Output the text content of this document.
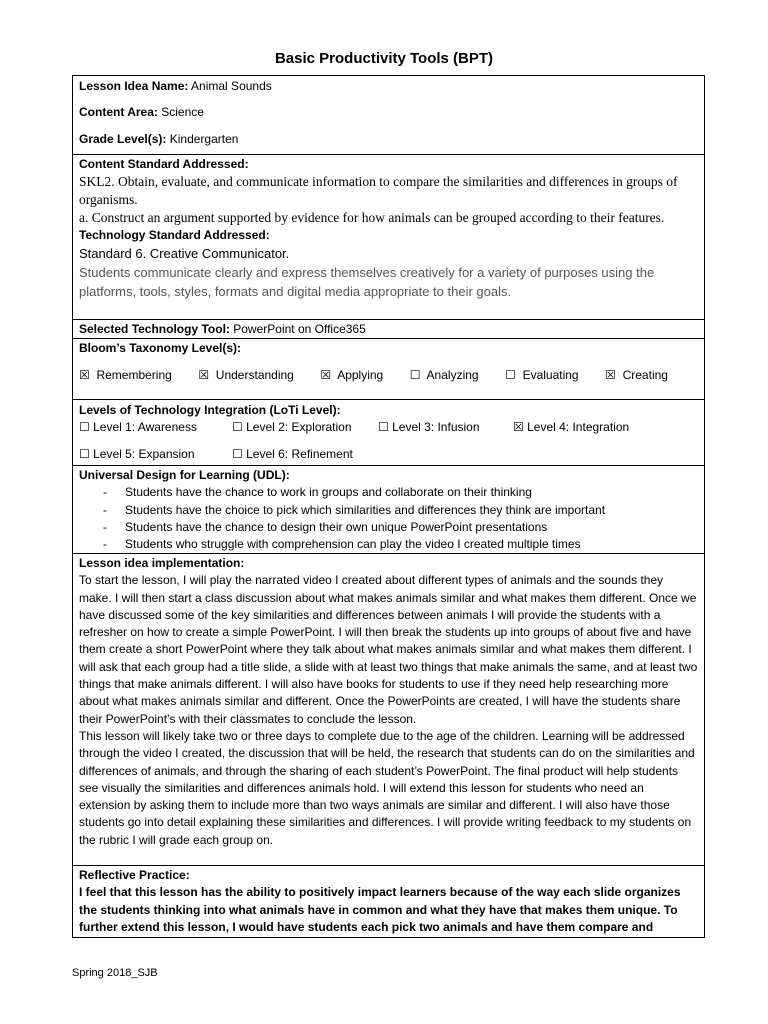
Basic Productivity Tools (BPT)
Lesson Idea Name: Animal Sounds
Content Area: Science
Grade Level(s): Kindergarten
Content Standard Addressed:
SKL2. Obtain, evaluate, and communicate information to compare the similarities and differences in groups of organisms.
a. Construct an argument supported by evidence for how animals can be grouped according to their features.
Technology Standard Addressed:
Standard 6. Creative Communicator.
Students communicate clearly and express themselves creatively for a variety of purposes using the platforms, tools, styles, formats and digital media appropriate to their goals.
Selected Technology Tool: PowerPoint on Office365
Bloom’s Taxonomy Level(s):
☒ Remembering ☒ Understanding ☒ Applying ☐ Analyzing ☐ Evaluating ☒ Creating
Levels of Technology Integration (LoTi Level):
☐ Level 1: Awareness	☐ Level 2: Exploration	☐ Level 3: Infusion	☒ Level 4: Integration
☐ Level 5: Expansion	☐ Level 6: Refinement
Universal Design for Learning (UDL):
- Students have the chance to work in groups and collaborate on their thinking
- Students have the choice to pick which similarities and differences they think are important
- Students have the chance to design their own unique PowerPoint presentations
- Students who struggle with comprehension can play the video I created multiple times
Lesson idea implementation:
To start the lesson, I will play the narrated video I created about different types of animals and the sounds they make. I will then start a class discussion about what makes animals similar and what makes them different. Once we have discussed some of the key similarities and differences between animals I will provide the students with a refresher on how to create a simple PowerPoint. I will then break the students up into groups of about five and have them create a short PowerPoint where they talk about what makes animals similar and what makes them different. I will ask that each group had a title slide, a slide with at least two things that make animals the same, and at least two things that make animals different. I will also have books for students to use if they need help researching more about what makes animals similar and different. Once the PowerPoints are created, I will have the students share their PowerPoint’s with their classmates to conclude the lesson.
This lesson will likely take two or three days to complete due to the age of the children. Learning will be addressed through the video I created, the discussion that will be held, the research that students can do on the similarities and differences of animals, and through the sharing of each student’s PowerPoint. The final product will help students see visually the similarities and differences animals hold. I will extend this lesson for students who need an extension by asking them to include more than two ways animals are similar and different. I will also have those students go into detail explaining these similarities and differences. I will provide writing feedback to my students on the rubric I will grade each group on.
Reflective Practice:
I feel that this lesson has the ability to positively impact learners because of the way each slide organizes the students thinking into what animals have in common and what they have that makes them unique. To further extend this lesson, I would have students each pick two animals and have them compare and
Spring 2018_SJB
